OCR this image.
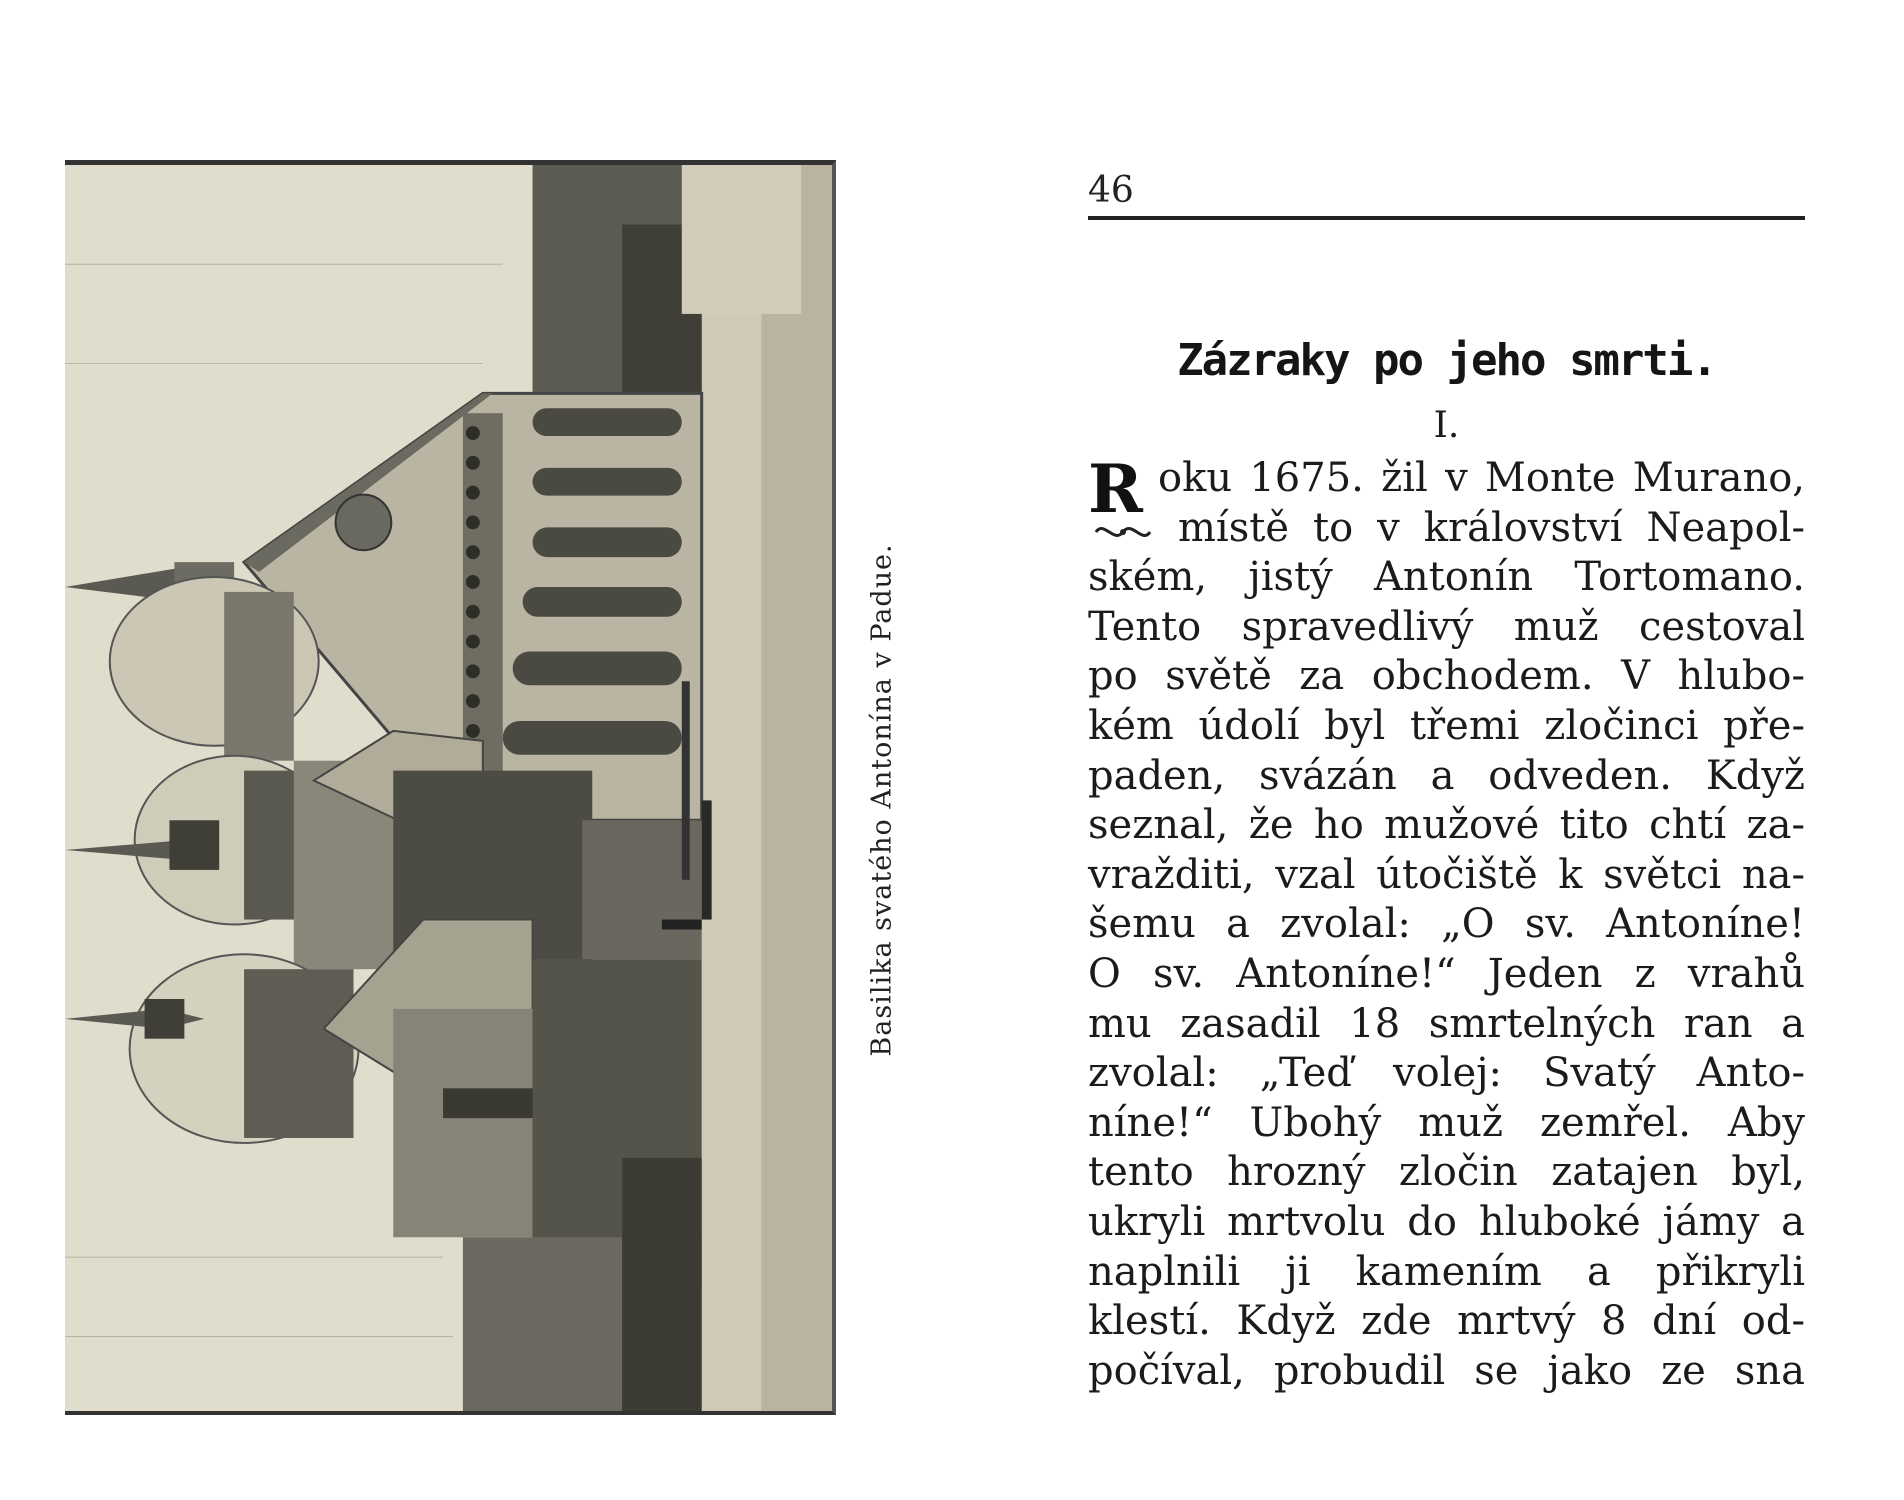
Basilika svatého Antonína v Padue.
46
Zázraky po jeho smrti.
I.
R oku 1675. žil v Monte Murano,
místě to v království Neapol-
ském, jistý Antonín Tortomano.
Tento spravedlivý muž cestoval
po světě za obchodem. V hlubo-
kém údolí byl třemi zločinci pře-
paden, svázán a odveden. Když
seznal, že ho mužové tito chtí za-
vražditi, vzal útočiště k světci na-
šemu a zvolal: „O sv. Antoníne!
O sv. Antoníne!“ Jeden z vrahů
mu zasadil 18 smrtelných ran a
zvolal: „Teď volej: Svatý Anto-
níne!“ Ubohý muž zemřel. Aby
tento hrozný zločin zatajen byl,
ukryli mrtvolu do hluboké jámy a
naplnili ji kamením a přikryli
klestí. Když zde mrtvý 8 dní od-
počíval, probudil se jako ze sna
